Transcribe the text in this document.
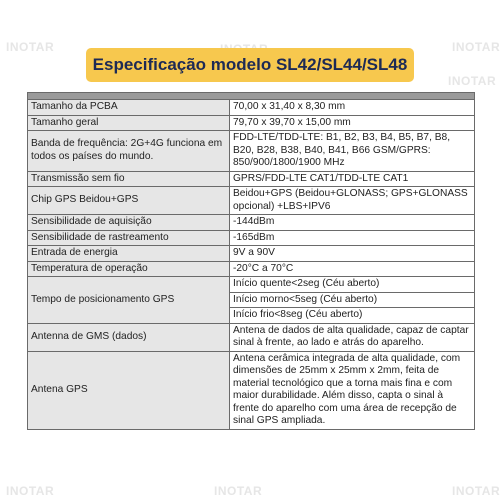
INOTAR	INOTAR
INOTAR
INOTAR	INOTAR	INOTAR
Especificação modelo SL42/SL44/SL48

Tamanho da PCBA	70,00 x 31,40 x 8,30 mm
Tamanho geral	79,70 x 39,70 x 15,00 mm
Banda de frequência: 2G+4G funciona em todos os países do mundo.	FDD-LTE/TDD-LTE: B1, B2, B3, B4, B5, B7, B8, B20, B28, B38, B40, B41, B66 GSM/GPRS: 850/900/1800/1900 MHz
Transmissão sem fio	GPRS/FDD-LTE CAT1/TDD-LTE CAT1
Chip GPS Beidou+GPS	Beidou+GPS (Beidou+GLONASS; GPS+GLONASS opcional) +LBS+IPV6
Sensibilidade de aquisição	-144dBm
Sensibilidade de rastreamento	-165dBm
Entrada de energia	9V a 90V
Temperatura de operação	-20°C a 70°C
Tempo de posicionamento GPS	Início quente<2seg (Céu aberto)
	Início morno<5seg (Céu aberto)
	Início frio<8seg (Céu aberto)
Antenna de GMS (dados)	Antena de dados de alta qualidade, capaz de captar sinal à frente, ao lado e atrás do aparelho.
Antena GPS	Antena cerâmica integrada de alta qualidade, com dimensões de 25mm x 25mm x 2mm, feita de material tecnológico que a torna mais fina e com maior durabilidade. Além disso, capta o sinal à frente do aparelho com uma área de recepção de sinal GPS ampliada.
